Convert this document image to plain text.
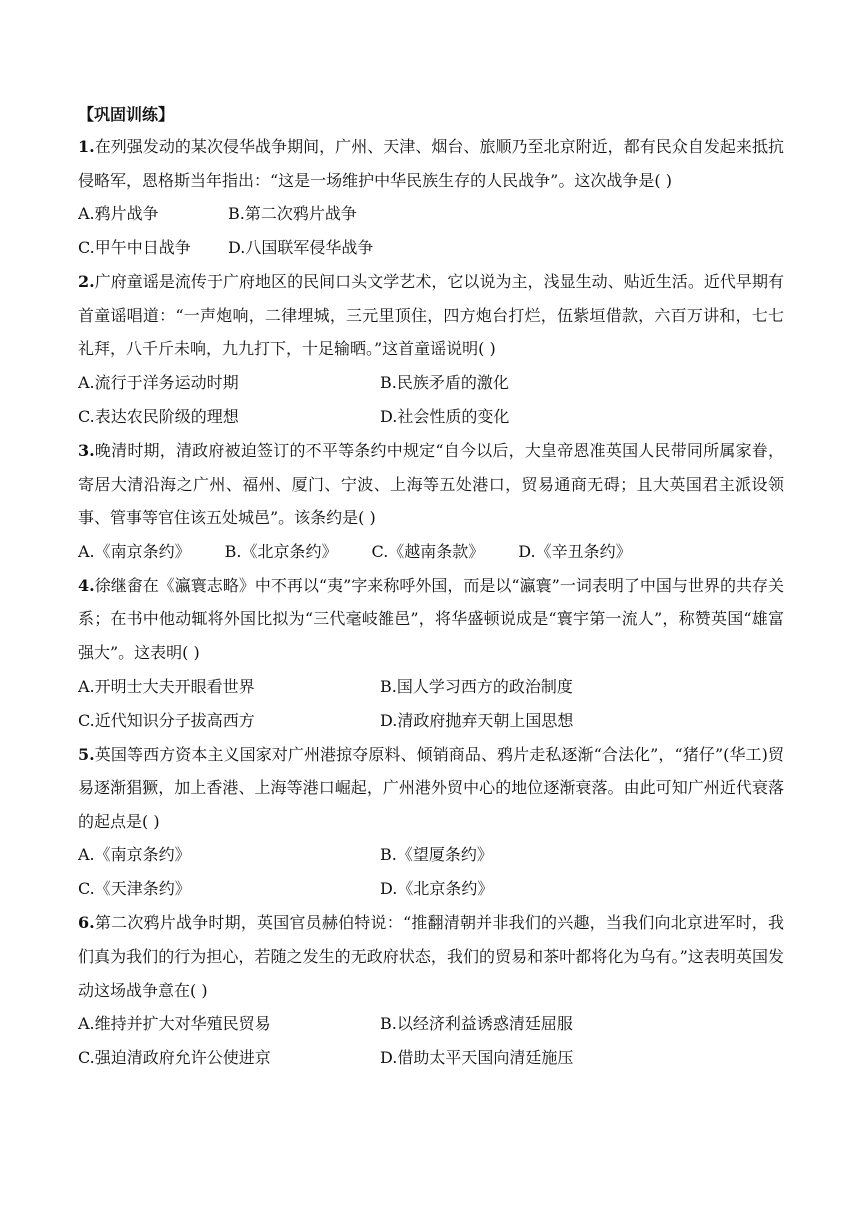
【巩固训练】
1.在列强发动的某次侵华战争期间，广州、天津、烟台、旅顺乃至北京附近，都有民众自发起来抵抗侵略军，恩格斯当年指出：“这是一场维护中华民族生存的人民战争”。这次战争是( )
A.鸦片战争	B.第二次鸦片战争
C.甲午中日战争	D.八国联军侵华战争
2.广府童谣是流传于广府地区的民间口头文学艺术，它以说为主，浅显生动、贴近生活。近代早期有首童谣唱道：“一声炮响，二律埋城，三元里顶住，四方炮台打烂，伍紫垣借款，六百万讲和，七七礼拜，八千斤未响，九九打下，十足输晒。”这首童谣说明( )
A.流行于洋务运动时期	B.民族矛盾的激化
C.表达农民阶级的理想	D.社会性质的变化
3.晚清时期，清政府被迫签订的不平等条约中规定“自今以后，大皇帝恩准英国人民带同所属家眷，寄居大清沿海之广州、福州、厦门、宁波、上海等五处港口，贸易通商无碍；且大英国君主派设领事、管事等官住该五处城邑”。该条约是( )
A.《南京条约》 B.《北京条约》 C.《越南条款》 D.《辛丑条约》
4.徐继畲在《瀛寰志略》中不再以“夷”字来称呼外国，而是以“瀛寰”一词表明了中国与世界的共存关系；在书中他动辄将外国比拟为“三代毫岐雒邑”，将华盛顿说成是“寰宇第一流人”，称赞英国“雄富强大”。这表明( )
A.开明士大夫开眼看世界	B.国人学习西方的政治制度
C.近代知识分子拔高西方	D.清政府抛弃天朝上国思想
5.英国等西方资本主义国家对广州港掠夺原料、倾销商品、鸦片走私逐渐“合法化”，“猪仔”(华工)贸易逐渐猖獗，加上香港、上海等港口崛起，广州港外贸中心的地位逐渐衰落。由此可知广州近代衰落的起点是( )
A.《南京条约》	B.《望厦条约》
C.《天津条约》	D.《北京条约》
6.第二次鸦片战争时期，英国官员赫伯特说：“推翻清朝并非我们的兴趣，当我们向北京进军时，我们真为我们的行为担心，若随之发生的无政府状态，我们的贸易和茶叶都将化为乌有。”这表明英国发动这场战争意在( )
A.维持并扩大对华殖民贸易	B.以经济利益诱惑清廷屈服
C.强迫清政府允许公使进京	D.借助太平天国向清廷施压
